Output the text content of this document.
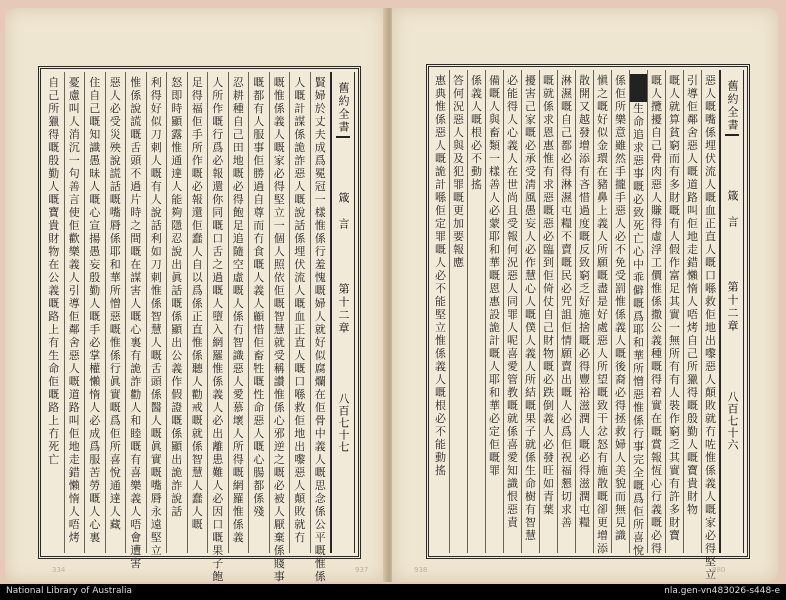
舊約全書
箴　言
第十二章
八百七十七
賢
婦
於
丈
夫
成
爲
冕
冠
一
樣
惟
係
行
羞
愧
嘅
婦
人
就
好
似
腐
爛
在
佢
骨
中
義
人
嘅
思
念
係
公
平
嘅
惟
係
人
嘅
計
謀
係
詭
詐
惡
人
嘅
說
話
係
埋
伏
流
人
嘅
血
正
直
人
嘅
口
喺
救
佢
地
出
嚟
惡
人
顛
敗
就
冇
嘅
惟
係
義
人
嘅
家
必
得
堅
立
一
個
人
照
依
佢
嘅
智
慧
就
受
稱
讚
惟
係
心
邪
逆
之
嘅
必
被
人
厭
棄
係
賤
事
嘅
都
有
人
服
事
佢
勝
過
自
尊
而
冇
食
嘅
人
義
人
顧
惜
佢
畜
牲
嘅
性
命
惡
人
嘅
心
腸
都
係
殘
忍
耕
種
自
己
田
地
嘅
必
得
飽
足
追
隨
空
虛
嘅
人
係
冇
智
識
惡
人
愛
慕
壞
人
所
得
嘅
網
羅
惟
係
義
人
所
作
嘅
行
爲
必
報
還
你
同
嘅
口
舌
之
過
嘅
人
墮
入
網
羅
惟
係
義
人
必
出
離
患
難
人
必
因
口
嘅
果
子
飽
足
得
福
佢
手
所
作
嘅
必
報
還
佢
蠢
人
自
以
爲
係
正
直
惟
係
聽
人
勸
戒
嘅
就
係
智
慧
人
蠢
人
嘅
怒
即
時
顯
露
惟
通
達
人
能
夠
隱
忍
說
出
眞
話
嘅
係
顯
出
公
義
作
假
證
嘅
係
顯
出
詭
詐
說
話
利
得
好
似
刀
刺
人
嘅
有
人
說
話
利
如
刀
刺
惟
係
智
慧
人
嘅
舌
頭
係
醫
人
嘅
眞
實
嘅
嘴
脣
永
遠
堅
立
惟
係
說
謊
嘅
舌
頭
不
過
片
時
之
間
嘅
在
謀
害
人
嘅
心
裏
有
詭
詐
勸
人
和
睦
嘅
有
喜
樂
義
人
唔
會
遭
害
惡
人
必
受
災
殃
說
謊
話
嘅
嘴
脣
係
耶
和
華
所
憎
惡
嘅
惟
係
行
眞
實
嘅
爲
佢
所
喜
悅
通
達
人
藏
住
自
己
嘅
知
識
愚
昧
人
嘅
心
宣
揚
愚
妄
殷
勤
人
嘅
手
必
掌
權
懶
惰
人
必
成
爲
服
苦
勞
嘅
人
心
裏
憂
慮
叫
人
消
沉
一
句
善
言
使
佢
歡
樂
義
人
引
導
佢
鄰
舍
惡
人
嘅
道
路
叫
佢
地
走
錯
懶
惰
人
唔
烤
自
己
所
獵
得
嘅
殷
勤
人
嘅
寶
貴
財
物
在
公
義
嘅
路
上
有
生
命
佢
嘅
路
上
冇
死
亡
舊約全書
箴　言
第十二章
八百七十六
惡
人
嘅
嘴
係
埋
伏
流
人
嘅
血
正
直
人
嘅
口
喺
救
佢
地
出
嚟
惡
人
顛
敗
就
冇
咗
惟
係
義
人
嘅
家
必
得
堅
立
引
導
佢
鄰
舍
惡
人
嘅
道
路
叫
佢
地
走
錯
懶
惰
人
唔
烤
自
己
所
獵
得
嘅
殷
勤
人
嘅
寶
貴
財
物
嘅
人
就
算
貧
窮
而
有
多
財
嘅
有
人
假
作
富
足
其
實
一
無
所
有
有
人
裝
作
窮
乏
其
實
有
許
多
財
寶
嘅
人
攬
擾
自
己
骨
肉
惡
人
賺
得
虛
浮
工
價
惟
係
撒
公
義
種
嘅
得
着
實
在
嘅
賞
報
恆
心
行
義
嘅
必
得
十二
生
命
追
求
惡
事
嘅
必
致
死
亡
心
中
乖
僻
嘅
爲
耶
和
華
所
憎
惡
惟
係
行
事
完
全
嘅
爲
佢
所
喜
悅
係
佢
所
樂
意
雖
然
手
攏
手
惡
人
必
不
免
受
罰
惟
係
義
人
嘅
後
裔
必
得
拯
救
婦
人
美
貌
而
無
見
識
愼
之
嘅
好
似
金
環
在
豬
鼻
上
義
人
所
願
嘅
盡
是
好
處
惡
人
所
望
嘅
致
干
忿
怒
有
施
散
嘅
卻
更
增
添
散
開
又
越
發
增
添
有
吝
惜
過
度
嘅
反
致
窮
乏
好
施
捨
嘅
必
得
豐
裕
滋
潤
人
嘅
必
得
滋
潤
屯
糧
淋
濕
嘅
自
己
都
必
得
淋
濕
屯
糧
不
賣
嘅
民
必
咒
詛
佢
情
願
賣
出
嘅
人
必
爲
佢
祝
福
懇
切
求
善
嘅
就
係
求
恩
惠
惟
有
求
惡
嘅
惡
必
臨
到
佢
倚
仗
自
己
財
物
嘅
必
跌
倒
義
人
必
發
旺
如
青
葉
擾
害
己
家
嘅
必
承
受
淸
風
愚
妄
人
必
作
慧
心
人
嘅
僕
人
義
人
所
結
嘅
果
子
就
係
生
命
樹
有
智
慧
必
能
得
人
心
義
人
在
世
尚
且
受
報
何
況
惡
人
同
罪
人
呢
喜
愛
管
教
嘅
就
係
喜
愛
知
識
恨
惡
責
備
嘅
人
與
畜
類
一
樣
善
人
必
蒙
耶
和
華
嘅
恩
惠
設
詭
計
嘅
人
耶
和
華
必
定
佢
嘅
罪
係
義
人
嘅
根
必
不
動
搖
答
何
況
惡
人
與
及
犯
罪
嘅
更
加
要
報
應
惠
典
惟
係
惡
人
嘅
詭
計
喺
佢
定
罪
嘅
人
必
不
能
堅
立
惟
係
義
人
嘅
根
必
不
能
動
搖
334	937	938	880
National Library of Australia	nla.gen-vn483026-s448-e
